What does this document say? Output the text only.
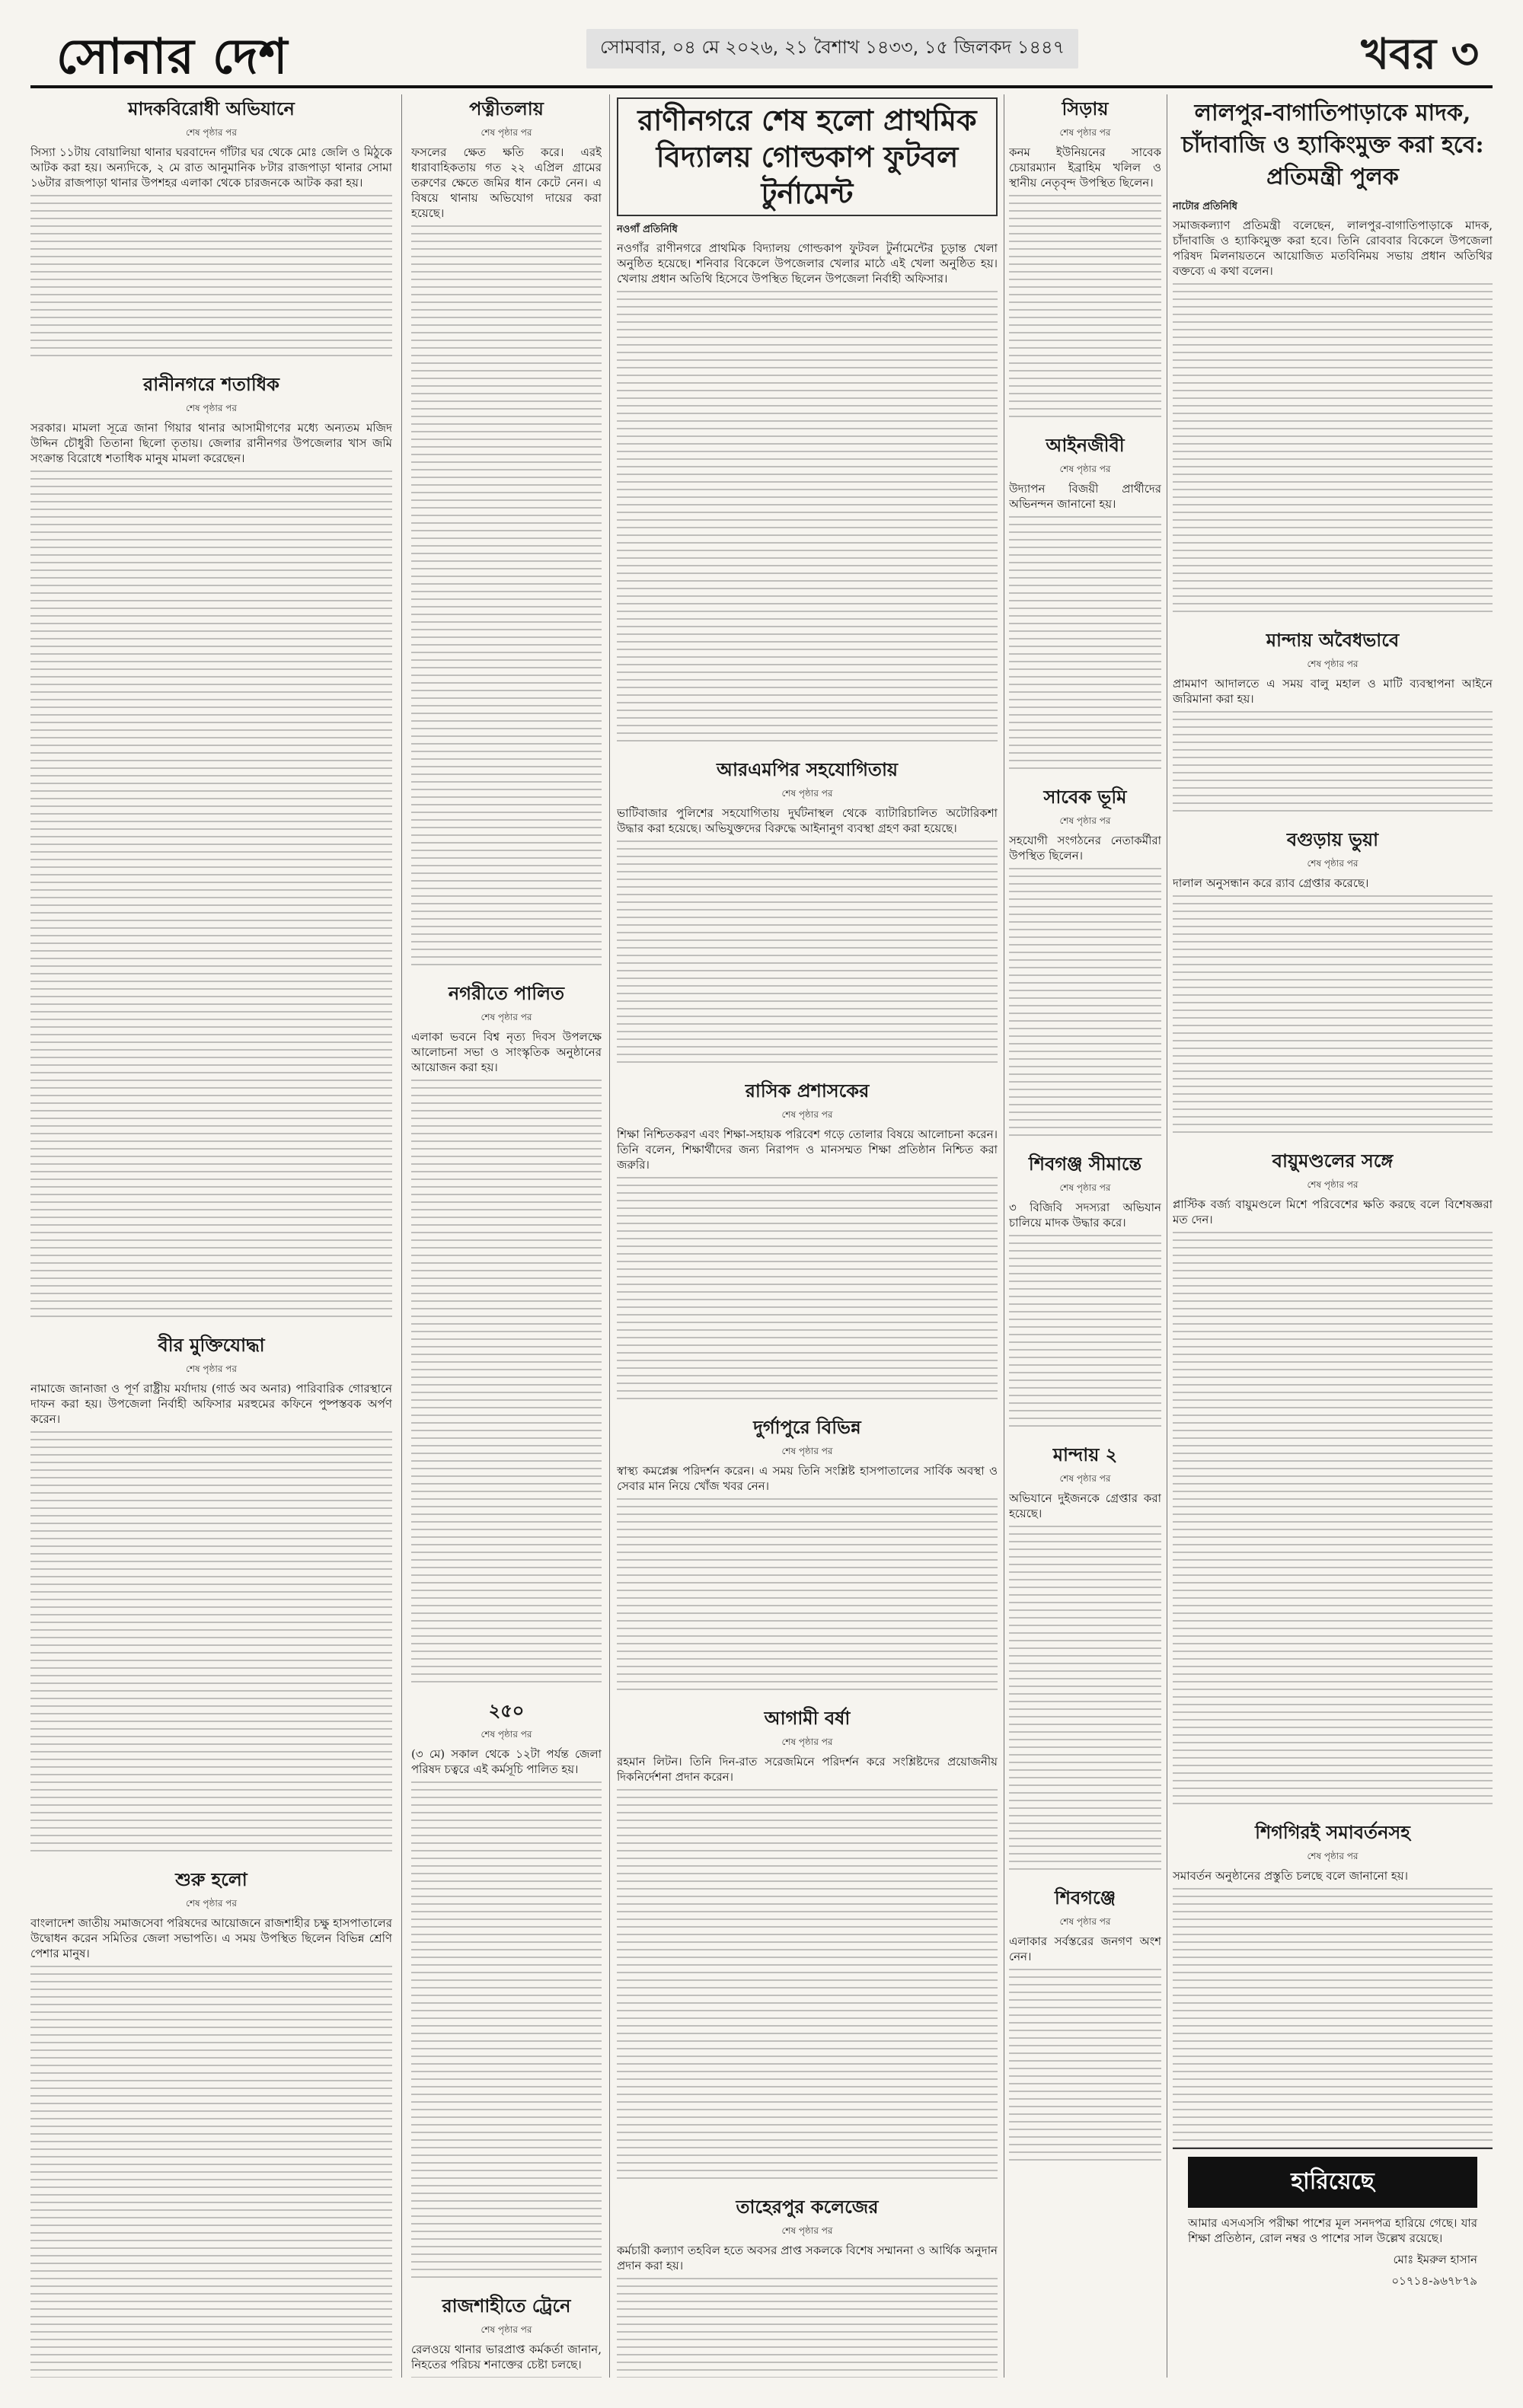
সোনার দেশ	সোমবার, ০৪ মে ২০২৬, ২১ বৈশাখ ১৪৩৩, ১৫ জিলকদ ১৪৪৭	খবর ৩
মাদকবিরোধী অভিযানে
শেষ পৃষ্ঠার পর

সিস্যা ১১টায় বোয়ালিয়া থানার ঘরবাদেন গাঁটার ঘর থেকে মোঃ জেলি ও মিঠুকে আটক করা হয়। অন্যদিকে, ২ মে রাত আনুমানিক ৮টার রাজপাড়া থানার সোমা ১৬টার রাজপাড়া থানার উপশহর এলাকা থেকে চারজনকে আটক করা হয়।

রানীনগরে শতাধিক
শেষ পৃষ্ঠার পর

সরকার। মামলা সূত্রে জানা গিয়ার থানার আসামীগণের মধ্যে অন্যতম মজিদ উদ্দিন চৌধুরী তিতানা ছিলো তৃতায়। জেলার রানীনগর উপজেলার খাস জমি সংক্রান্ত বিরোধে শতাধিক মানুষ মামলা করেছেন।

বীর মুক্তিযোদ্ধা
শেষ পৃষ্ঠার পর

নামাজে জানাজা ও পূর্ণ রাষ্ট্রীয় মর্যাদায় (গার্ড অব অনার) পারিবারিক গোরস্থানে দাফন করা হয়। উপজেলা নির্বাহী অফিসার মরহুমের কফিনে পুষ্পস্তবক অর্পণ করেন।

শুরু হলো
শেষ পৃষ্ঠার পর

বাংলাদেশ জাতীয় সমাজসেবা পরিষদের আয়োজনে রাজশাহীর চক্ষু হাসপাতালের উদ্বোধন করেন সমিতির জেলা সভাপতি। এ সময় উপস্থিত ছিলেন বিভিন্ন শ্রেণি পেশার মানুষ।

পত্নীতলায়
শেষ পৃষ্ঠার পর

ফসলের ক্ষেত ক্ষতি করে। এরই ধারাবাহিকতায় গত ২২ এপ্রিল গ্রামের তরুণের ক্ষেতে জমির ধান কেটে নেন। এ বিষয়ে থানায় অভিযোগ দায়ের করা হয়েছে।

নগরীতে পালিত
শেষ পৃষ্ঠার পর

এলাকা ভবনে বিশ্ব নৃত্য দিবস উপলক্ষে আলোচনা সভা ও সাংস্কৃতিক অনুষ্ঠানের আয়োজন করা হয়।

২৫০
শেষ পৃষ্ঠার পর

(৩ মে) সকাল থেকে ১২টা পর্যন্ত জেলা পরিষদ চত্বরে এই কর্মসূচি পালিত হয়।

রাজশাহীতে ট্রেনে
শেষ পৃষ্ঠার পর

রেলওয়ে থানার ভারপ্রাপ্ত কর্মকর্তা জানান, নিহতের পরিচয় শনাক্তের চেষ্টা চলছে।

রাণীনগরে শেষ হলো প্রাথমিক বিদ্যালয় গোল্ডকাপ ফুটবল টুর্নামেন্ট
নওগাঁ প্রতিনিধি

নওগাঁর রাণীনগরে প্রাথমিক বিদ্যালয় গোল্ডকাপ ফুটবল টুর্নামেন্টের চূড়ান্ত খেলা অনুষ্ঠিত হয়েছে। শনিবার বিকেলে উপজেলার খেলার মাঠে এই খেলা অনুষ্ঠিত হয়। খেলায় প্রধান অতিথি হিসেবে উপস্থিত ছিলেন উপজেলা নির্বাহী অফিসার।

আরএমপির সহযোগিতায়
শেষ পৃষ্ঠার পর

ভাটিবাজার পুলিশের সহযোগিতায় দুর্ঘটনাস্থল থেকে ব্যাটারিচালিত অটোরিকশা উদ্ধার করা হয়েছে। অভিযুক্তদের বিরুদ্ধে আইনানুগ ব্যবস্থা গ্রহণ করা হয়েছে।

রাসিক প্রশাসকের
শেষ পৃষ্ঠার পর

শিক্ষা নিশ্চিতকরণ এবং শিক্ষা-সহায়ক পরিবেশ গড়ে তোলার বিষয়ে আলোচনা করেন। তিনি বলেন, শিক্ষার্থীদের জন্য নিরাপদ ও মানসম্মত শিক্ষা প্রতিষ্ঠান নিশ্চিত করা জরুরি।

দুর্গাপুরে বিভিন্ন
শেষ পৃষ্ঠার পর

স্বাস্থ্য কমপ্লেক্স পরিদর্শন করেন। এ সময় তিনি সংশ্লিষ্ট হাসপাতালের সার্বিক অবস্থা ও সেবার মান নিয়ে খোঁজ খবর নেন।

আগামী বর্ষা
শেষ পৃষ্ঠার পর

রহমান লিটন। তিনি দিন-রাত সরেজমিনে পরিদর্শন করে সংশ্লিষ্টদের প্রয়োজনীয় দিকনির্দেশনা প্রদান করেন।

তাহেরপুর কলেজের
শেষ পৃষ্ঠার পর

কর্মচারী কল্যাণ তহবিল হতে অবসর প্রাপ্ত সকলকে বিশেষ সম্মাননা ও আর্থিক অনুদান প্রদান করা হয়।

সিড়ায়
শেষ পৃষ্ঠার পর

কনম ইউনিয়নের সাবেক চেয়ারম্যান ইব্রাহিম খলিল ও স্থানীয় নেতৃবৃন্দ উপস্থিত ছিলেন।

আইনজীবী
শেষ পৃষ্ঠার পর

উদ্যাপন বিজয়ী প্রার্থীদের অভিনন্দন জানানো হয়।

সাবেক ভূমি
শেষ পৃষ্ঠার পর

সহযোগী সংগঠনের নেতাকর্মীরা উপস্থিত ছিলেন।

শিবগঞ্জ সীমান্তে
শেষ পৃষ্ঠার পর

৩ বিজিবি সদস্যরা অভিযান চালিয়ে মাদক উদ্ধার করে।

মান্দায় ২
শেষ পৃষ্ঠার পর

অভিযানে দুইজনকে গ্রেপ্তার করা হয়েছে।

শিবগঞ্জে
শেষ পৃষ্ঠার পর

এলাকার সর্বস্তরের জনগণ অংশ নেন।

লালপুর-বাগাতিপাড়াকে মাদক, চাঁদাবাজি ও হ্যাকিংমুক্ত করা হবে: প্রতিমন্ত্রী পুলক
নাটোর প্রতিনিধি

সমাজকল্যাণ প্রতিমন্ত্রী বলেছেন, লালপুর-বাগাতিপাড়াকে মাদক, চাঁদাবাজি ও হ্যাকিংমুক্ত করা হবে। তিনি রোববার বিকেলে উপজেলা পরিষদ মিলনায়তনে আয়োজিত মতবিনিময় সভায় প্রধান অতিথির বক্তব্যে এ কথা বলেন।

মান্দায় অবৈধভাবে
শেষ পৃষ্ঠার পর

প্রামমাণ আদালতে এ সময় বালু মহাল ও মাটি ব্যবস্থাপনা আইনে জরিমানা করা হয়।

বগুড়ায় ভুয়া
শেষ পৃষ্ঠার পর

দালাল অনুসন্ধান করে র‍্যাব গ্রেপ্তার করেছে।

বায়ুমণ্ডলের সঙ্গে
শেষ পৃষ্ঠার পর

প্লাস্টিক বর্জ্য বায়ুমণ্ডলে মিশে পরিবেশের ক্ষতি করছে বলে বিশেষজ্ঞরা মত দেন।

শিগগিরই সমাবর্তনসহ
শেষ পৃষ্ঠার পর

সমাবর্তন অনুষ্ঠানের প্রস্তুতি চলছে বলে জানানো হয়।

হারিয়েছে
আমার এসএসসি পরীক্ষা পাশের মূল সনদপত্র হারিয়ে গেছে। যার শিক্ষা প্রতিষ্ঠান, রোল নম্বর ও পাশের সাল উল্লেখ রয়েছে।
মোঃ ইমরুল হাসান
০১৭১৪-৯৬৭৮৭৯
